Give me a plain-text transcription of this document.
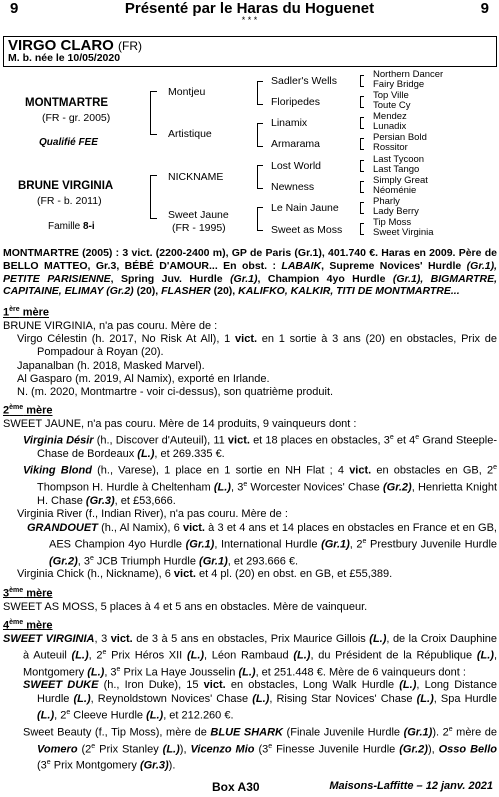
9	Présenté par le Haras du Hoguenet
* * *
9
VIRGO CLARO (FR)
M. b. née le 10/05/2020
MONTMARTRE
(FR - gr. 2005)
Qualifié FEE
BRUNE VIRGINIA
(FR - b. 2011)
Famille 8-i
Montjeu
Artistique
NICKNAME
Sweet Jaune
(FR - 1995)
Sadler's Wells
Floripedes
Linamix
Armarama
Lost World
Newness
Le Nain Jaune
Sweet as Moss
Northern Dancer
Fairy Bridge
Top Ville
Toute Cy
Mendez
Lunadix
Persian Bold
Rossitor
Last Tycoon
Last Tango
Simply Great
Néoménie
Pharly
Lady Berry
Tip Moss
Sweet Virginia

MONTMARTRE (2005) : 3 vict. (2200-2400 m), GP de Paris (Gr.1), 401.740 €. Haras en 2009. Père de BELLO MATTEO, Gr.3, BÉBÉ D'AMOUR... En obst. : LABAIK, Supreme Novices' Hurdle (Gr.1), PETITE PARISIENNE, Spring Juv. Hurdle (Gr.1), Champion 4yo Hurdle (Gr.1), BIGMARTRE, CAPITAINE, ELIMAY (Gr.2) (20), FLASHER (20), KALIFKO, KALKIR, TITI DE MONTMARTRE...

1ère mère

BRUNE VIRGINIA, n'a pas couru. Mère de :

Virgo Célestin (h. 2017, No Risk At All), 1 vict. en 1 sortie à 3 ans (20) en obstacles, Prix de Pompadour à Royan (20).

Japanalban (h. 2018, Masked Marvel).

Al Gasparo (m. 2019, Al Namix), exporté en Irlande.

N. (m. 2020, Montmartre - voir ci-dessus), son quatrième produit.

2ème mère

SWEET JAUNE, n'a pas couru. Mère de 14 produits, 9 vainqueurs dont :

Virginia Désir (h., Discover d'Auteuil), 11 vict. et 18 places en obstacles, 3e et 4e Grand Steeple-Chase de Bordeaux (L.), et 269.335 €.

Viking Blond (h., Varese), 1 place en 1 sortie en NH Flat ; 4 vict. en obstacles en GB, 2e Thompson H. Hurdle à Cheltenham (L.), 3e Worcester Novices' Chase (Gr.2), Henrietta Knight H. Chase (Gr.3), et £53,666.

Virginia River (f., Indian River), n'a pas couru. Mère de :

GRANDOUET (h., Al Namix), 6 vict. à 3 et 4 ans et 14 places en obstacles en France et en GB, AES Champion 4yo Hurdle (Gr.1), International Hurdle (Gr.1), 2e Prestbury Juvenile Hurdle (Gr.2), 3e JCB Triumph Hurdle (Gr.1), et 293.666 €.

Virginia Chick (h., Nickname), 6 vict. et 4 pl. (20) en obst. en GB, et £55,389.

3ème mère

SWEET AS MOSS, 5 places à 4 et 5 ans en obstacles. Mère de vainqueur.

4ème mère

SWEET VIRGINIA, 3 vict. de 3 à 5 ans en obstacles, Prix Maurice Gillois (L.), de la Croix Dauphine à Auteuil (L.), 2e Prix Héros XII (L.), Léon Rambaud (L.), du Président de la République (L.), Montgomery (L.), 3e Prix La Haye Jousselin (L.), et 251.448 €. Mère de 6 vainqueurs dont :

SWEET DUKE (h., Iron Duke), 15 vict. en obstacles, Long Walk Hurdle (L.), Long Distance Hurdle (L.), Reynoldstown Novices' Chase (L.), Rising Star Novices' Chase (L.), Spa Hurdle (L.), 2e Cleeve Hurdle (L.), et 212.260 €.

Sweet Beauty (f., Tip Moss), mère de BLUE SHARK (Finale Juvenile Hurdle (Gr.1)). 2e mère de Vomero (2e Prix Stanley (L.)), Vicenzo Mio (3e Finesse Juvenile Hurdle (Gr.2)), Osso Bello (3e Prix Montgomery (Gr.3)).

Box A30	Maisons-Laffitte – 12 janv. 2021
